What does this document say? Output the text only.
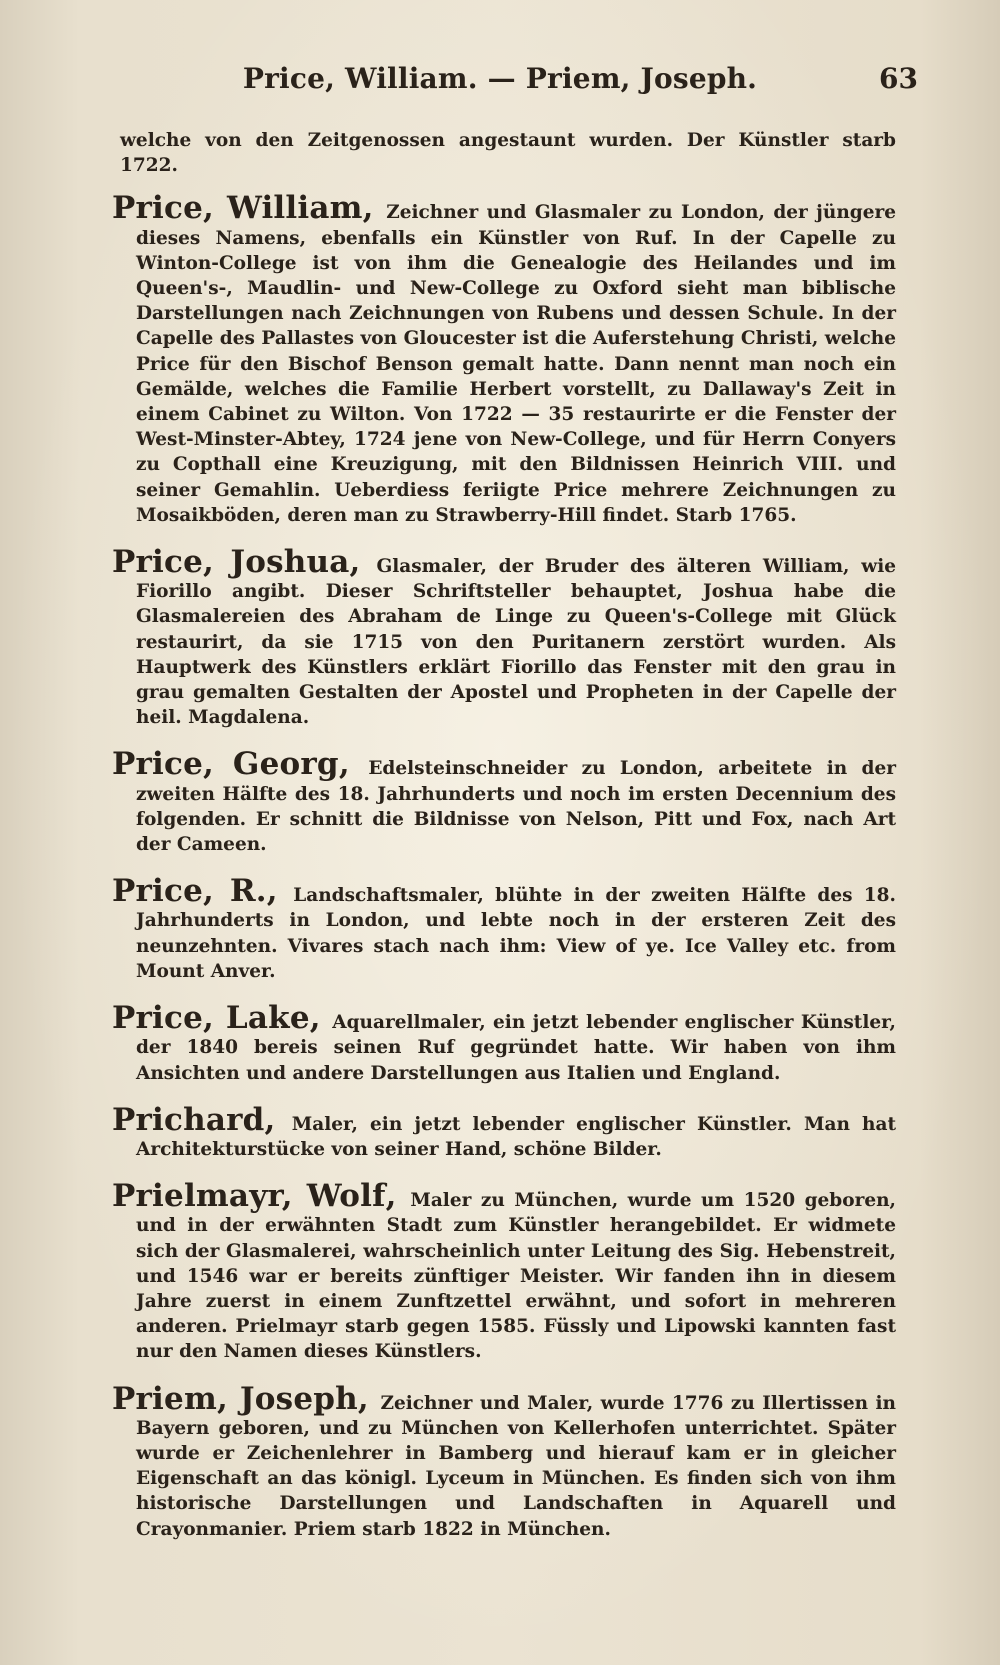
Price, William. — Priem, Joseph.	63

welche von den Zeitgenossen angestaunt wurden. Der Künstler starb 1722.

Price, William, Zeichner und Glasmaler zu London, der jüngere dieses Namens, ebenfalls ein Künstler von Ruf. In der Capelle zu Winton-College ist von ihm die Genealogie des Heilandes und im Queen's-, Maudlin- und New-College zu Oxford sieht man biblische Darstellungen nach Zeichnungen von Rubens und dessen Schule. In der Capelle des Pallastes von Gloucester ist die Auferstehung Christi, welche Price für den Bischof Benson gemalt hatte. Dann nennt man noch ein Gemälde, welches die Familie Herbert vorstellt, zu Dallaway's Zeit in einem Cabinet zu Wilton. Von 1722 — 35 restaurirte er die Fenster der West-Minster-Abtey, 1724 jene von New-College, und für Herrn Conyers zu Copthall eine Kreuzigung, mit den Bildnissen Heinrich VIII. und seiner Gemahlin. Ueberdiess feriigte Price mehrere Zeichnungen zu Mosaikböden, deren man zu Strawberry-Hill findet. Starb 1765.

Price, Joshua, Glasmaler, der Bruder des älteren William, wie Fiorillo angibt. Dieser Schriftsteller behauptet, Joshua habe die Glasmalereien des Abraham de Linge zu Queen's-College mit Glück restaurirt, da sie 1715 von den Puritanern zerstört wurden. Als Hauptwerk des Künstlers erklärt Fiorillo das Fenster mit den grau in grau gemalten Gestalten der Apostel und Propheten in der Capelle der heil. Magdalena.

Price, Georg, Edelsteinschneider zu London, arbeitete in der zweiten Hälfte des 18. Jahrhunderts und noch im ersten Decennium des folgenden. Er schnitt die Bildnisse von Nelson, Pitt und Fox, nach Art der Cameen.

Price, R., Landschaftsmaler, blühte in der zweiten Hälfte des 18. Jahrhunderts in London, und lebte noch in der ersteren Zeit des neunzehnten. Vivares stach nach ihm: View of ye. Ice Valley etc. from Mount Anver.

Price, Lake, Aquarellmaler, ein jetzt lebender englischer Künstler, der 1840 bereis seinen Ruf gegründet hatte. Wir haben von ihm Ansichten und andere Darstellungen aus Italien und England.

Prichard, Maler, ein jetzt lebender englischer Künstler. Man hat Architekturstücke von seiner Hand, schöne Bilder.

Prielmayr, Wolf, Maler zu München, wurde um 1520 geboren, und in der erwähnten Stadt zum Künstler herangebildet. Er widmete sich der Glasmalerei, wahrscheinlich unter Leitung des Sig. Hebenstreit, und 1546 war er bereits zünftiger Meister. Wir fanden ihn in diesem Jahre zuerst in einem Zunftzettel erwähnt, und sofort in mehreren anderen. Prielmayr starb gegen 1585. Füssly und Lipowski kannten fast nur den Namen dieses Künstlers.

Priem, Joseph, Zeichner und Maler, wurde 1776 zu Illertissen in Bayern geboren, und zu München von Kellerhofen unterrichtet. Später wurde er Zeichenlehrer in Bamberg und hierauf kam er in gleicher Eigenschaft an das königl. Lyceum in München. Es finden sich von ihm historische Darstellungen und Landschaften in Aquarell und Crayonmanier. Priem starb 1822 in München.
